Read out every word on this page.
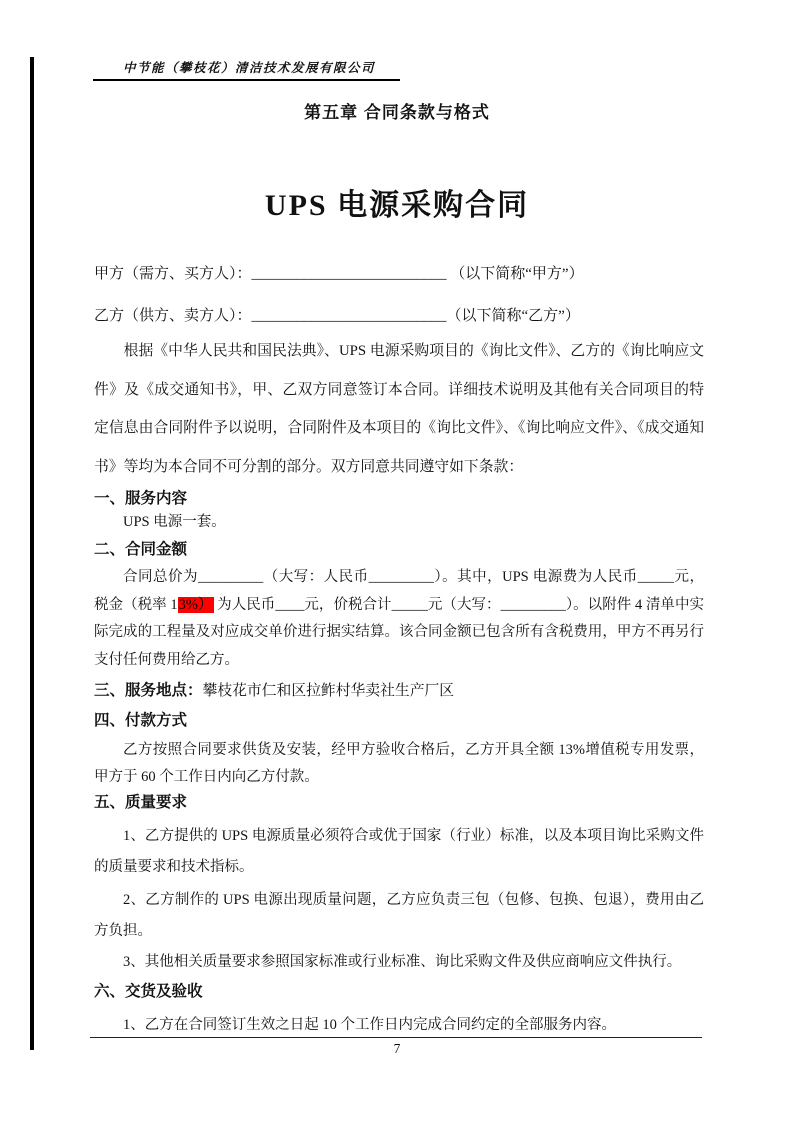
中节能（攀枝花）清洁技术发展有限公司
第五章 合同条款与格式
UPS 电源采购合同
甲方（需方、买方人）：__________________________ （以下简称“甲方”）
乙方（供方、卖方人）：__________________________（以下简称“乙方”）

根据《中华人民共和国民法典》、UPS 电源采购项目的《询比文件》、乙方的《询比响应文件》及《成交通知书》，甲、乙双方同意签订本合同。详细技术说明及其他有关合同项目的特定信息由合同附件予以说明，合同附件及本项目的《询比文件》、《询比响应文件》、《成交通知书》等均为本合同不可分割的部分。双方同意共同遵守如下条款：

一、服务内容
UPS 电源一套。
二、合同金额

合同总价为_________（大写：人民币_________）。其中，UPS 电源费为人民币_____元，税金（税率 13%） 为人民币____元，价税合计_____元（大写：_________）。以附件 4 清单中实际完成的工程量及对应成交单价进行据实结算。该合同金额已包含所有含税费用，甲方不再另行支付任何费用给乙方。

三、服务地点：攀枝花市仁和区拉鲊村华卖社生产厂区
四、付款方式

乙方按照合同要求供货及安装，经甲方验收合格后，乙方开具全额 13%增值税专用发票，甲方于 60 个工作日内向乙方付款。

五、质量要求

1、乙方提供的 UPS 电源质量必须符合或优于国家（行业）标准，以及本项目询比采购文件的质量要求和技术指标。

2、乙方制作的 UPS 电源出现质量问题，乙方应负责三包（包修、包换、包退），费用由乙方负担。

3、其他相关质量要求参照国家标准或行业标准、询比采购文件及供应商响应文件执行。

六、交货及验收

1、乙方在合同签订生效之日起 10 个工作日内完成合同约定的全部服务内容。

7
